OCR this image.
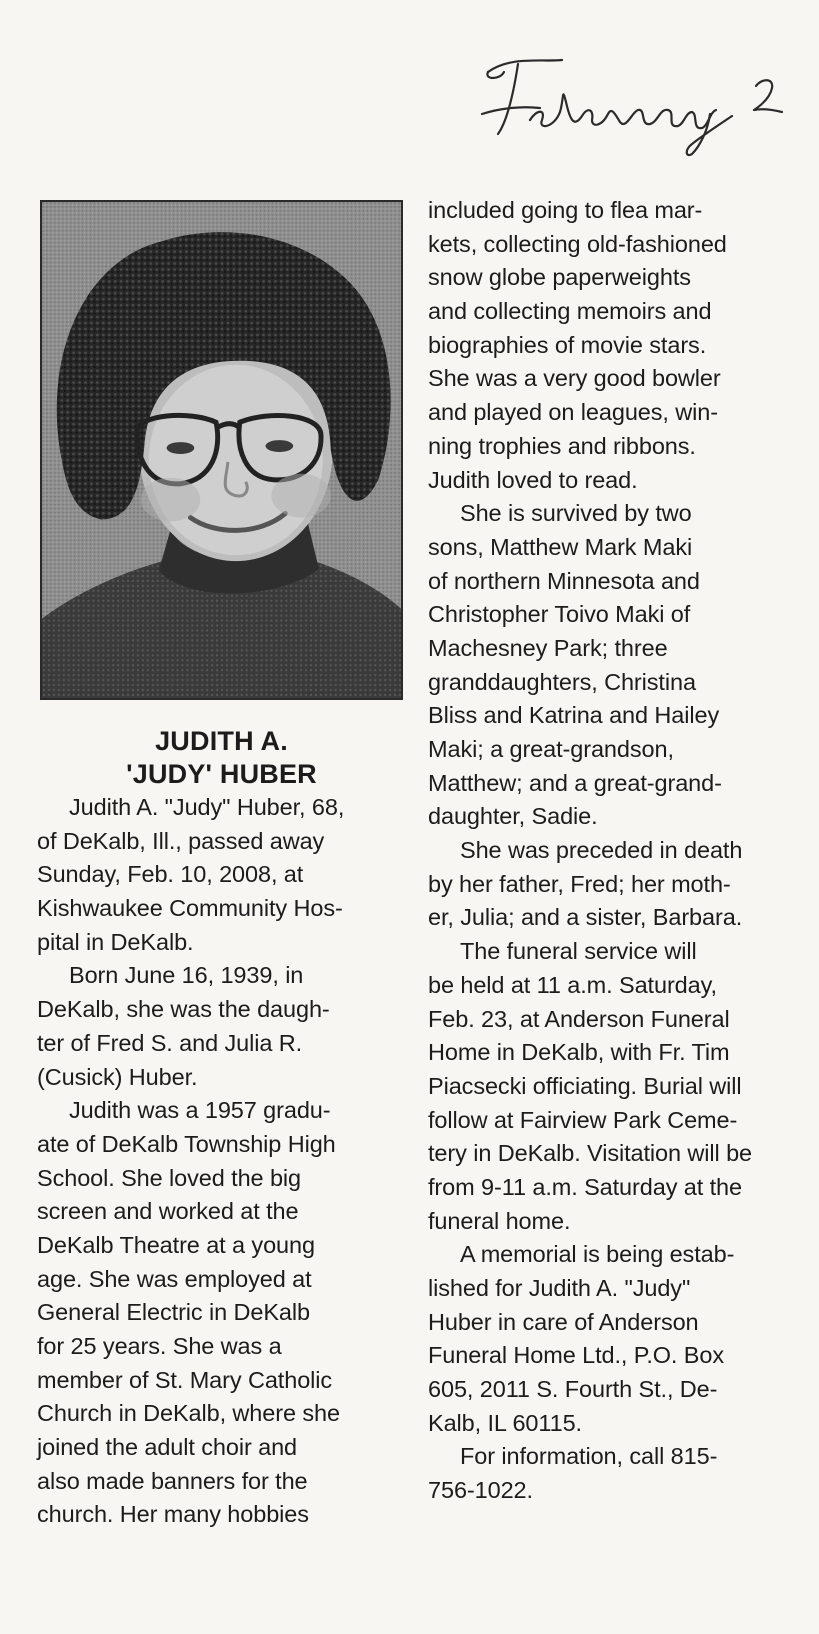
JUDITH A.
'JUDY' HUBER
Judith A. "Judy" Huber, 68,
of DeKalb, Ill., passed away
Sunday, Feb. 10, 2008, at
Kishwaukee Community Hos-
pital in DeKalb.
Born June 16, 1939, in
DeKalb, she was the daugh-
ter of Fred S. and Julia R.
(Cusick) Huber.
Judith was a 1957 gradu-
ate of DeKalb Township High
School. She loved the big
screen and worked at the
DeKalb Theatre at a young
age. She was employed at
General Electric in DeKalb
for 25 years. She was a
member of St. Mary Catholic
Church in DeKalb, where she
joined the adult choir and
also made banners for the
church. Her many hobbies
included going to flea mar-
kets, collecting old-fashioned
snow globe paperweights
and collecting memoirs and
biographies of movie stars.
She was a very good bowler
and played on leagues, win-
ning trophies and ribbons.
Judith loved to read.
She is survived by two
sons, Matthew Mark Maki
of northern Minnesota and
Christopher Toivo Maki of
Machesney Park; three
granddaughters, Christina
Bliss and Katrina and Hailey
Maki; a great-grandson,
Matthew; and a great-grand-
daughter, Sadie.
She was preceded in death
by her father, Fred; her moth-
er, Julia; and a sister, Barbara.
The funeral service will
be held at 11 a.m. Saturday,
Feb. 23, at Anderson Funeral
Home in DeKalb, with Fr. Tim
Piacsecki officiating. Burial will
follow at Fairview Park Ceme-
tery in DeKalb. Visitation will be
from 9-11 a.m. Saturday at the
funeral home.
A memorial is being estab-
lished for Judith A. "Judy"
Huber in care of Anderson
Funeral Home Ltd., P.O. Box
605, 2011 S. Fourth St., De-
Kalb, IL 60115.
For information, call 815-
756-1022.
